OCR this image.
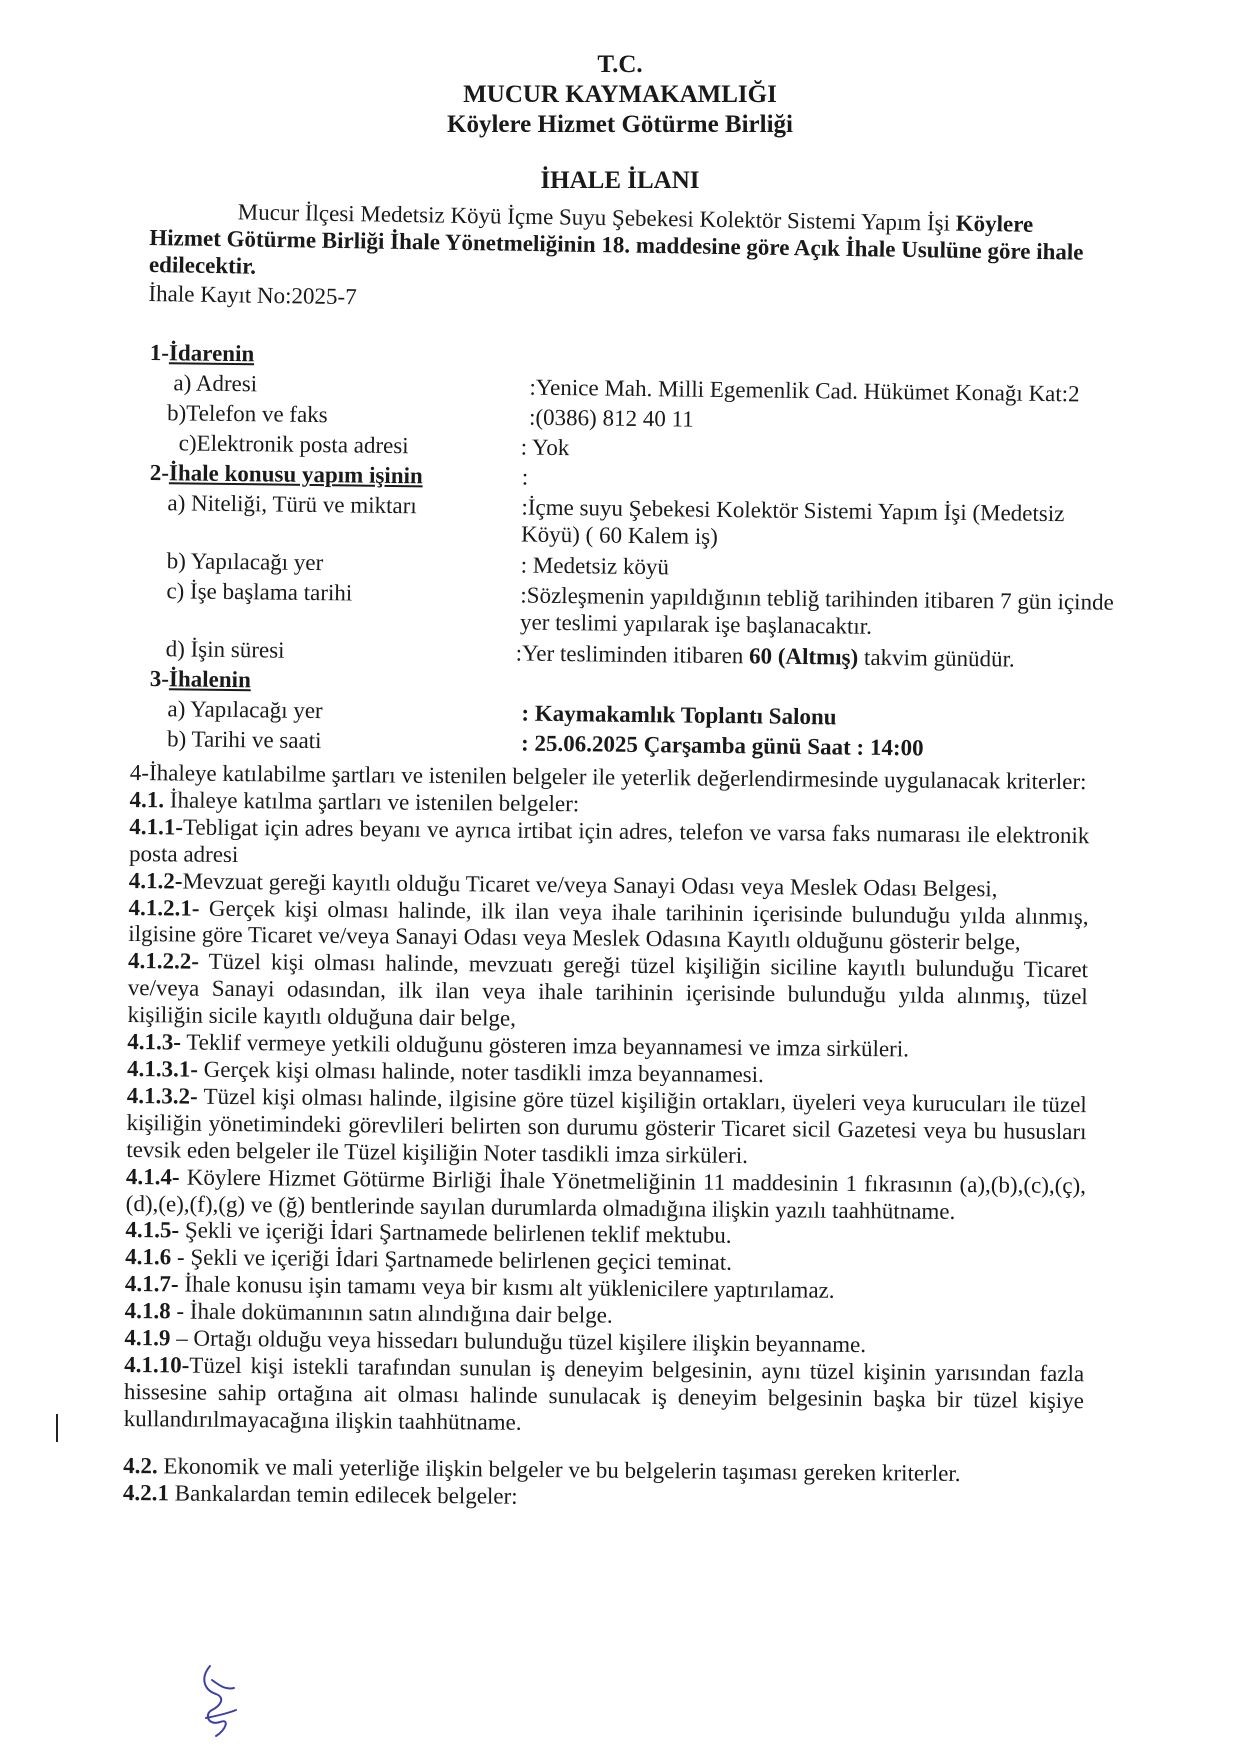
T.C.
MUCUR KAYMAKAMLIĞI
Köylere Hizmet Götürme Birliği
İHALE İLANI

Mucur İlçesi Medetsiz Köyü İçme Suyu Şebekesi Kolektör Sistemi Yapım İşi Köylere Hizmet Götürme Birliği İhale Yönetmeliğinin 18. maddesine göre Açık İhale Usulüne göre ihale edilecektir.

İhale Kayıt No:2025-7

1-İdarenin
a) Adresi	:Yenice Mah. Milli Egemenlik Cad. Hükümet Konağı Kat:2
b)Telefon ve faks	:(0386) 812 40 11
c)Elektronik posta adresi	: Yok
2-İhale konusu yapım işinin	:
a) Niteliği, Türü ve miktarı	:İçme suyu Şebekesi Kolektör Sistemi Yapım İşi (Medetsiz Köyü) ( 60 Kalem iş)
b) Yapılacağı yer	: Medetsiz köyü
c) İşe başlama tarihi	:Sözleşmenin yapıldığının tebliğ tarihinden itibaren 7 gün içinde yer teslimi yapılarak işe başlanacaktır.
d) İşin süresi	:Yer tesliminden itibaren 60 (Altmış) takvim günüdür.
3-İhalenin
a) Yapılacağı yer	: Kaymakamlık Toplantı Salonu
b) Tarihi ve saati	: 25.06.2025 Çarşamba günü Saat : 14:00

4-İhaleye katılabilme şartları ve istenilen belgeler ile yeterlik değerlendirmesinde uygulanacak kriterler:

4.1. İhaleye katılma şartları ve istenilen belgeler:

4.1.1-Tebligat için adres beyanı ve ayrıca irtibat için adres, telefon ve varsa faks numarası ile elektronik posta adresi

4.1.2-Mevzuat gereği kayıtlı olduğu Ticaret ve/veya Sanayi Odası veya Meslek Odası Belgesi,

4.1.2.1- Gerçek kişi olması halinde, ilk ilan veya ihale tarihinin içerisinde bulunduğu yılda alınmış, ilgisine göre Ticaret ve/veya Sanayi Odası veya Meslek Odasına Kayıtlı olduğunu gösterir belge,

4.1.2.2- Tüzel kişi olması halinde, mevzuatı gereği tüzel kişiliğin siciline kayıtlı bulunduğu Ticaret ve/veya Sanayi odasından, ilk ilan veya ihale tarihinin içerisinde bulunduğu yılda alınmış, tüzel kişiliğin sicile kayıtlı olduğuna dair belge,

4.1.3- Teklif vermeye yetkili olduğunu gösteren imza beyannamesi ve imza sirküleri.

4.1.3.1- Gerçek kişi olması halinde, noter tasdikli imza beyannamesi.

4.1.3.2- Tüzel kişi olması halinde, ilgisine göre tüzel kişiliğin ortakları, üyeleri veya kurucuları ile tüzel kişiliğin yönetimindeki görevlileri belirten son durumu gösterir Ticaret sicil Gazetesi veya bu hususları tevsik eden belgeler ile Tüzel kişiliğin Noter tasdikli imza sirküleri.

4.1.4- Köylere Hizmet Götürme Birliği İhale Yönetmeliğinin 11 maddesinin 1 fıkrasının (a),(b),(c),(ç),(d),(e),(f),(g) ve (ğ) bentlerinde sayılan durumlarda olmadığına ilişkin yazılı taahhütname.

4.1.5- Şekli ve içeriği İdari Şartnamede belirlenen teklif mektubu.

4.1.6 - Şekli ve içeriği İdari Şartnamede belirlenen geçici teminat.

4.1.7- İhale konusu işin tamamı veya bir kısmı alt yüklenicilere yaptırılamaz.

4.1.8 - İhale dokümanının satın alındığına dair belge.

4.1.9 – Ortağı olduğu veya hissedarı bulunduğu tüzel kişilere ilişkin beyanname.

4.1.10-Tüzel kişi istekli tarafından sunulan iş deneyim belgesinin, aynı tüzel kişinin yarısından fazla hissesine sahip ortağına ait olması halinde sunulacak iş deneyim belgesinin başka bir tüzel kişiye kullandırılmayacağına ilişkin taahhütname.

4.2. Ekonomik ve mali yeterliğe ilişkin belgeler ve bu belgelerin taşıması gereken kriterler.

4.2.1 Bankalardan temin edilecek belgeler:
